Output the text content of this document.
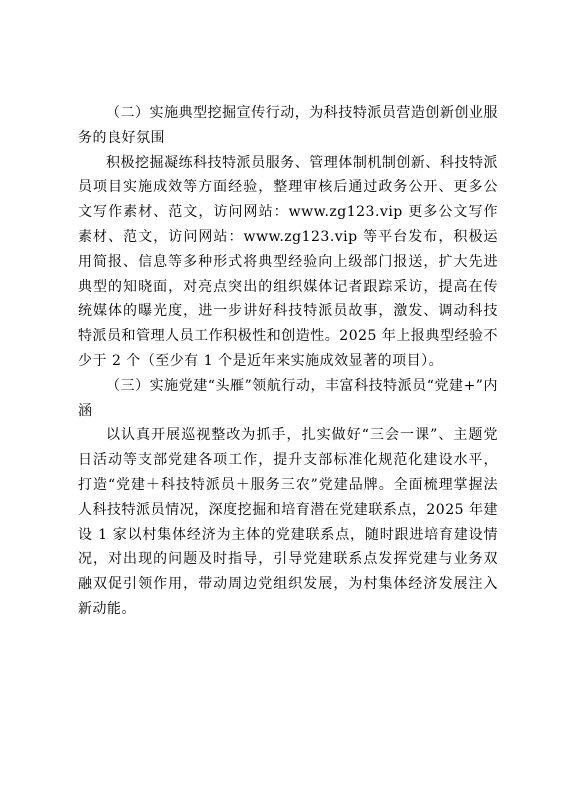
（二）实施典型挖掘宣传行动，为科技特派员营造创新创业服务的良好氛围

积极挖掘凝练科技特派员服务、管理体制机制创新、科技特派员项目实施成效等方面经验，整理审核后通过政务公开、更多公文写作素材、范文，访问网站：www.zg123.vip 更多公文写作素材、范文，访问网站：www.zg123.vip 等平台发布，积极运用简报、信息等多种形式将典型经验向上级部门报送，扩大先进典型的知晓面，对亮点突出的组织媒体记者跟踪采访，提高在传统媒体的曝光度，进一步讲好科技特派员故事，激发、调动科技特派员和管理人员工作积极性和创造性。2025 年上报典型经验不少于 2 个（至少有 1 个是近年来实施成效显著的项目）。

（三）实施党建“头雁”领航行动，丰富科技特派员“党建+”内涵

以认真开展巡视整改为抓手，扎实做好“三会一课”、主题党日活动等支部党建各项工作，提升支部标准化规范化建设水平，打造“党建＋科技特派员＋服务三农”党建品牌。全面梳理掌握法人科技特派员情况，深度挖掘和培育潜在党建联系点，2025 年建设 1 家以村集体经济为主体的党建联系点，随时跟进培育建设情况，对出现的问题及时指导，引导党建联系点发挥党建与业务双融双促引领作用，带动周边党组织发展，为村集体经济发展注入新动能。
